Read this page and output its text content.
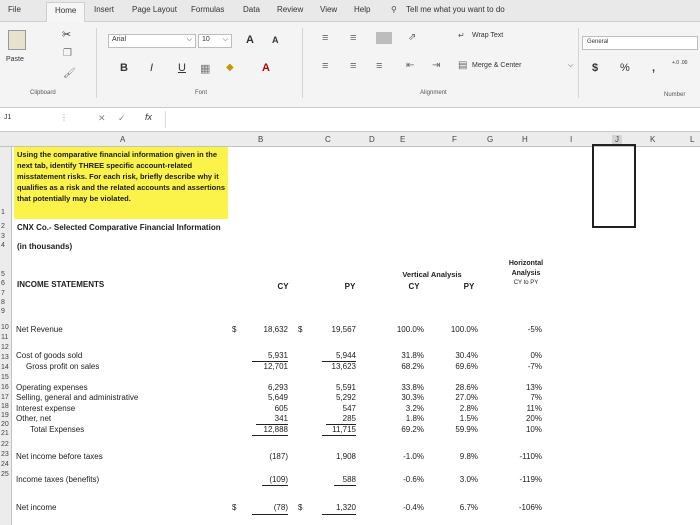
File	Home	Insert Page Layout Formulas Data Review View Help	⚲ Tell me what you want to do
Paste
✂
❐
🖌
Clipboard
Arial	⌵ 10 ⌵ A A
B I U ▦ ◆	A
Font
≡ ≡	⇗	↵ Wrap Text
≡ ≡ ≡ ⇤ ⇥ ▤ Merge & Center	⌵
Alignment
General
$ % ,	+.0 .00
Number
J1	⋮	✕ ✓ fx
A	B	C	D	E	F	G	H	I	J	K	L
1
2
3
4
5
6
7
8
9
10
11
12
13
14
15
16
17
18
19
20
21
22
23
24
25
Using the comparative financial information given in the next tab, identify THREE specific account-related misstatement risks. For each risk, briefly describe why it qualifies as a risk and the related accounts and assertions that potentially may be violated.
CNX Co.- Selected Comparative Financial Information
(in thousands)
Vertical Analysis
Horizontal
Analysis
CY to PY
INCOME STATEMENTS	CY	PY	CY	PY
Net Revenue	$	18,632 $	19,567	100.0%	100.0%	-5%
Cost of goods sold	5,931	5,944	31.8%	30.4%	0%
Gross profit on sales	12,701	13,623	68.2%	69.6%	-7%
Operating expenses	6,293	5,591	33.8%	28.6%	13%
Selling, general and administrative	5,649	5,292	30.3%	27.0%	7%
Interest expense	605	547	3.2%	2.8%	11%
Other, net	341	285	1.8%	1.5%	20%
Total Expenses	12,888	11,715	69.2%	59.9%	10%
Net income before taxes	(187)	1,908	-1.0%	9.8%	-110%
Income taxes (benefits)	(109)	588	-0.6%	3.0%	-119%
Net income	$	(78) $	1,320	-0.4%	6.7%	-106%
